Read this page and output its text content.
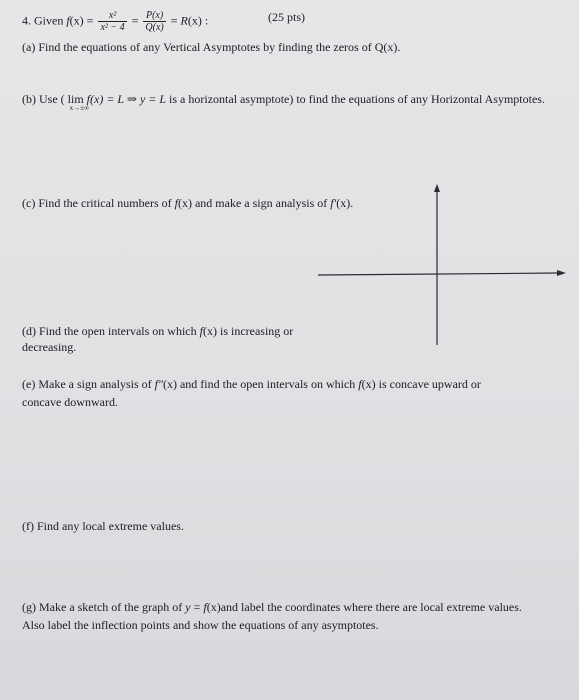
4. Given $f(x) = \frac{\text{x²}}{\text{x² − 4}} = \frac{P(x)}{Q(x)} = R(x)$ :	(25 pts)
(a) Find the equations of any Vertical Asymptotes by finding the zeros of Q(x).
(b) Use ( lim
x→±∞
f(x) = L ⇒ y = L is a horizontal asymptote) to find the equations of any Horizontal Asymptotes.
(c) Find the critical numbers of f(x) and make a sign analysis of f′(x).
(d) Find the open intervals on which f(x) is increasing or
decreasing.
(e) Make a sign analysis of f″(x) and find the open intervals on which f(x) is concave upward or
concave downward.
(f) Find any local extreme values.
(g) Make a sketch of the graph of y = f(x)and label the coordinates where there are local extreme values.
Also label the inflection points and show the equations of any asymptotes.
